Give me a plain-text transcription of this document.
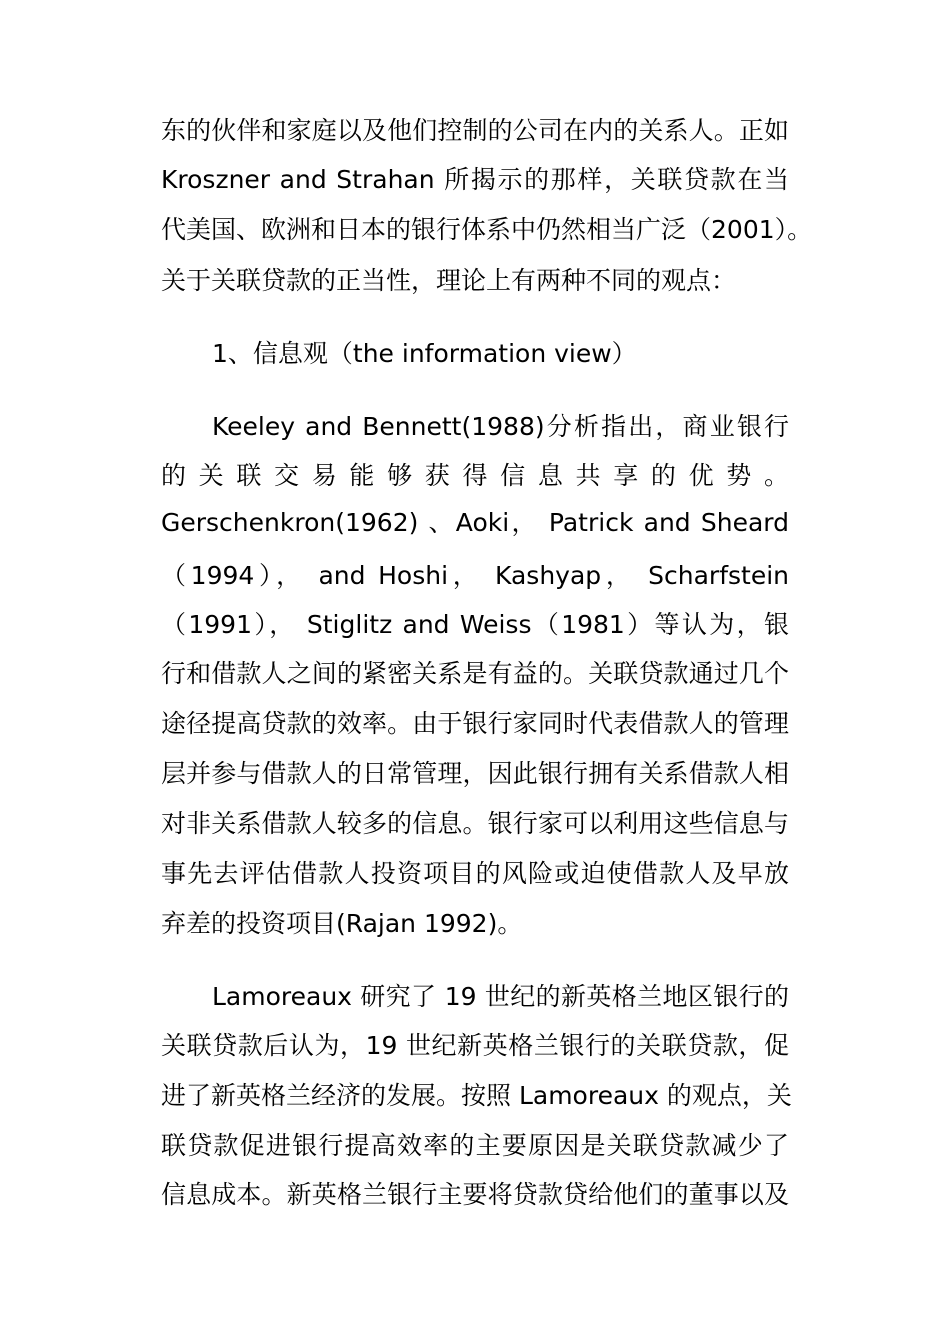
东的伙伴和家庭以及他们控制的公司在内的关系人。正如
Kroszner and Strahan 所揭示的那样，关联贷款在当
代美国、欧洲和日本的银行体系中仍然相当广泛（2001）。
关于关联贷款的正当性，理论上有两种不同的观点：
1、信息观（the information view）
Keeley and Bennett(1988)分析指出，商业银行
的 关 联 交 易 能 够 获 得 信 息 共 享 的 优 势 。
Gerschenkron(1962) 、Aoki， Patrick and Sheard
（1994）， and Hoshi， Kashyap， Scharfstein
（1991）， Stiglitz and Weiss（1981）等认为，银
行和借款人之间的紧密关系是有益的。关联贷款通过几个
途径提高贷款的效率。由于银行家同时代表借款人的管理
层并参与借款人的日常管理，因此银行拥有关系借款人相
对非关系借款人较多的信息。银行家可以利用这些信息与
事先去评估借款人投资项目的风险或迫使借款人及早放
弃差的投资项目(Rajan 1992)。
Lamoreaux 研究了 19 世纪的新英格兰地区银行的
关联贷款后认为，19 世纪新英格兰银行的关联贷款，促
进了新英格兰经济的发展。按照 Lamoreaux 的观点，关
联贷款促进银行提高效率的主要原因是关联贷款减少了
信息成本。新英格兰银行主要将贷款贷给他们的董事以及
